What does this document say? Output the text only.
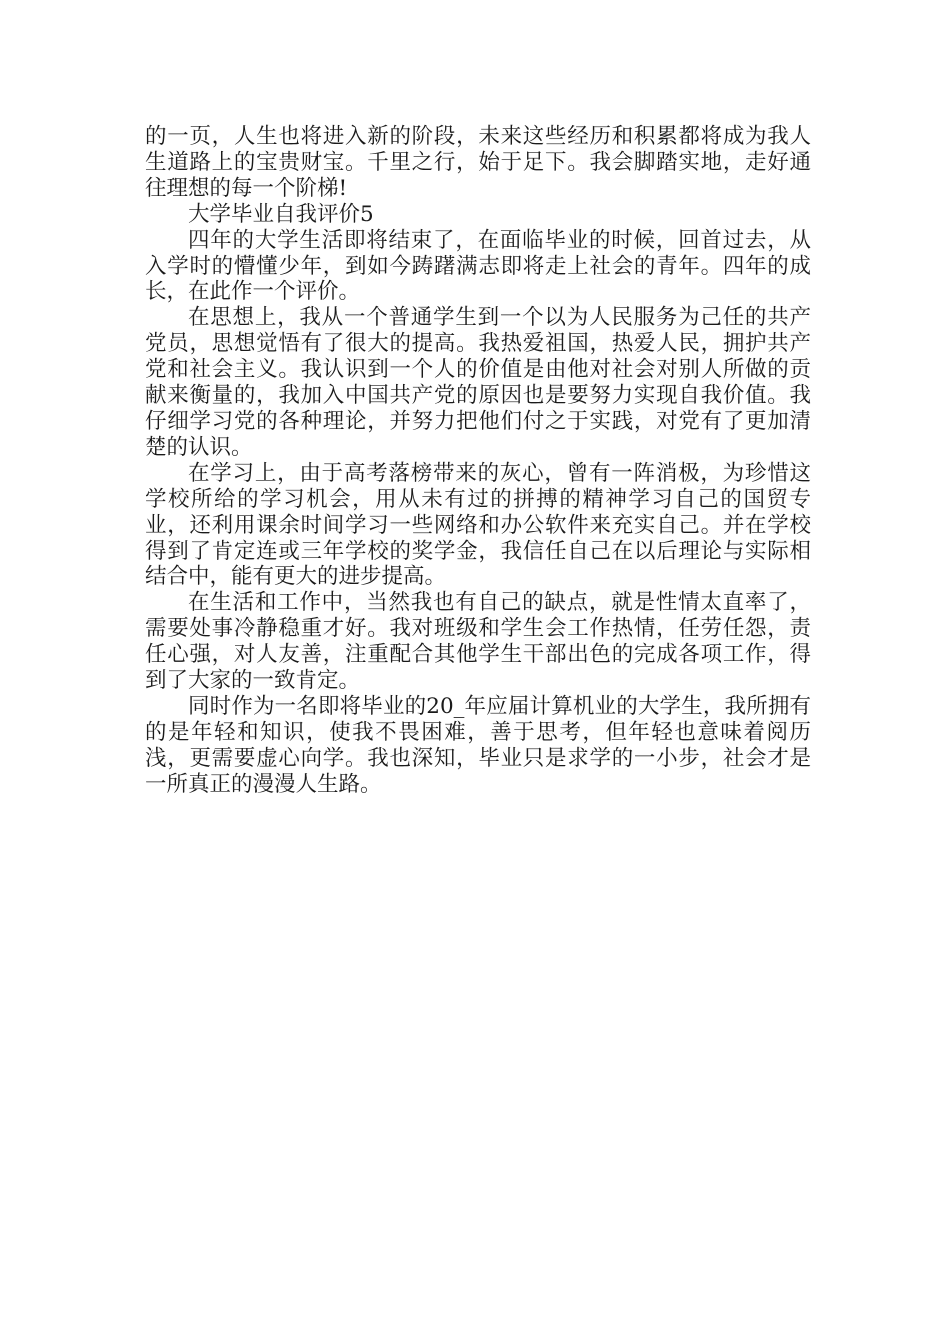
的一页，人生也将进入新的阶段，未来这些经历和积累都将成为我人生道路上的宝贵财宝。千里之行，始于足下。我会脚踏实地，走好通往理想的每一个阶梯!

大学毕业自我评价5

四年的大学生活即将结束了，在面临毕业的时候，回首过去，从入学时的懵懂少年，到如今踌躇满志即将走上社会的青年。四年的成长，在此作一个评价。

在思想上，我从一个普通学生到一个以为人民服务为己任的共产党员，思想觉悟有了很大的提高。我热爱祖国，热爱人民，拥护共产党和社会主义。我认识到一个人的价值是由他对社会对别人所做的贡献来衡量的，我加入中国共产党的原因也是要努力实现自我价值。我仔细学习党的各种理论，并努力把他们付之于实践，对党有了更加清楚的认识。

在学习上，由于高考落榜带来的灰心，曾有一阵消极，为珍惜这学校所给的学习机会，用从未有过的拼搏的精神学习自己的国贸专业，还利用课余时间学习一些网络和办公软件来充实自己。并在学校得到了肯定连或三年学校的奖学金，我信任自己在以后理论与实际相结合中，能有更大的进步提高。

在生活和工作中，当然我也有自己的缺点，就是性情太直率了，需要处事冷静稳重才好。我对班级和学生会工作热情，任劳任怨，责任心强，对人友善，注重配合其他学生干部出色的完成各项工作，得到了大家的一致肯定。

同时作为一名即将毕业的20_年应届计算机业的大学生，我所拥有的是年轻和知识，使我不畏困难，善于思考，但年轻也意味着阅历浅，更需要虚心向学。我也深知，毕业只是求学的一小步，社会才是一所真正的漫漫人生路。
